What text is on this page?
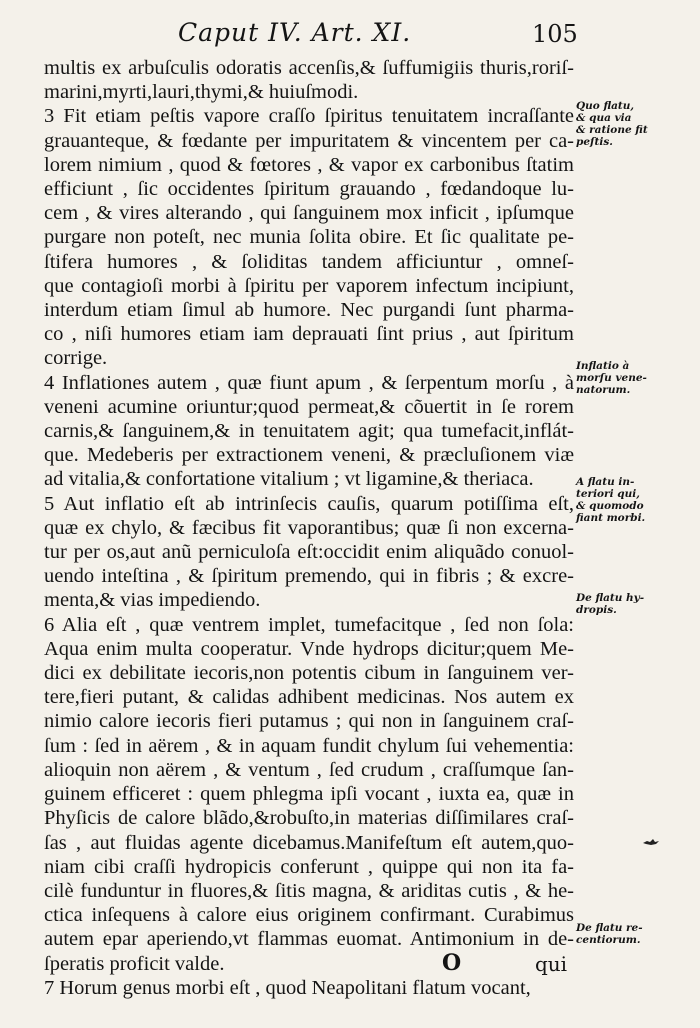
Caput IV. Art. XI.	105
multis ex arbuſculis odoratis accenſis,& ſuffumigiis thuris,roriſ-
marini,myrti,lauri,thymi,& huiuſmodi.
3 Fit etiam peſtis vapore craſſo ſpiritus tenuitatem incraſſante
grauanteque, & fœdante per impuritatem & vincentem per ca-
lorem nimium , quod & fœtores , & vapor ex carbonibus ſtatim
efficiunt , ſic occidentes ſpiritum grauando , fœdandoque lu-
cem , & vires alterando , qui ſanguinem mox inficit , ipſumque
purgare non poteſt, nec munia ſolita obire. Et ſic qualitate pe-
ſtifera humores , & ſoliditas tandem afficiuntur , omneſ-
que contagioſi morbi à ſpiritu per vaporem infectum incipiunt,
interdum etiam ſimul ab humore. Nec purgandi ſunt pharma-
co , niſi humores etiam iam deprauati ſint prius , aut ſpiritum
corrige.
4 Inflationes autem , quæ fiunt apum , & ſerpentum morſu , à
veneni acumine oriuntur;quod permeat,& cõuertit in ſe rorem
carnis,& ſanguinem,& in tenuitatem agit; qua tumefacit,inflát-
que. Medeberis per extractionem veneni, & præcluſionem viæ
ad vitalia,& confortatione vitalium ; vt ligamine,& theriaca.
5 Aut inflatio eſt ab intrinſecis cauſis, quarum potiſſima eſt,
quæ ex chylo, & fæcibus fit vaporantibus; quæ ſi non excerna-
tur per os,aut anũ perniculoſa eſt:occidit enim aliquãdo conuol-
uendo inteſtina , & ſpiritum premendo, qui in fibris ; & excre-
menta,& vias impediendo.
6 Alia eſt , quæ ventrem implet, tumefacitque , ſed non ſola:
Aqua enim multa cooperatur. Vnde hydrops dicitur;quem Me-
dici ex debilitate iecoris,non potentis cibum in ſanguinem ver-
tere,fieri putant, & calidas adhibent medicinas. Nos autem ex
nimio calore iecoris fieri putamus ; qui non in ſanguinem craſ-
ſum : ſed in aërem , & in aquam fundit chylum ſui vehementia:
alioquin non aërem , & ventum , ſed crudum , craſſumque ſan-
guinem efficeret : quem phlegma ipſi vocant , iuxta ea, quæ in
Phyſicis de calore blãdo,&robuſto,in materias diſſimilares craſ-
ſas , aut fluidas agente dicebamus.Manifeſtum eſt autem,quo-
niam cibi craſſi hydropicis conferunt , quippe qui non ita fa-
cilè funduntur in fluores,& ſitis magna, & ariditas cutis , & he-
ctica inſequens à calore eius originem confirmant. Curabimus
autem epar aperiendo,vt flammas euomat. Antimonium in de-
ſperatis proficit valde.
7 Horum genus morbi eſt , quod Neapolitani flatum vocant,
Quo flatu,
& qua via
& ratione fit
peſtis.
Inflatio à
morſu vene-
natorum.
A flatu in-
teriori qui,
& quomodo
fiant morbi.
De flatu hy-
dropis.
De flatu re-
centiorum.
O	qui
